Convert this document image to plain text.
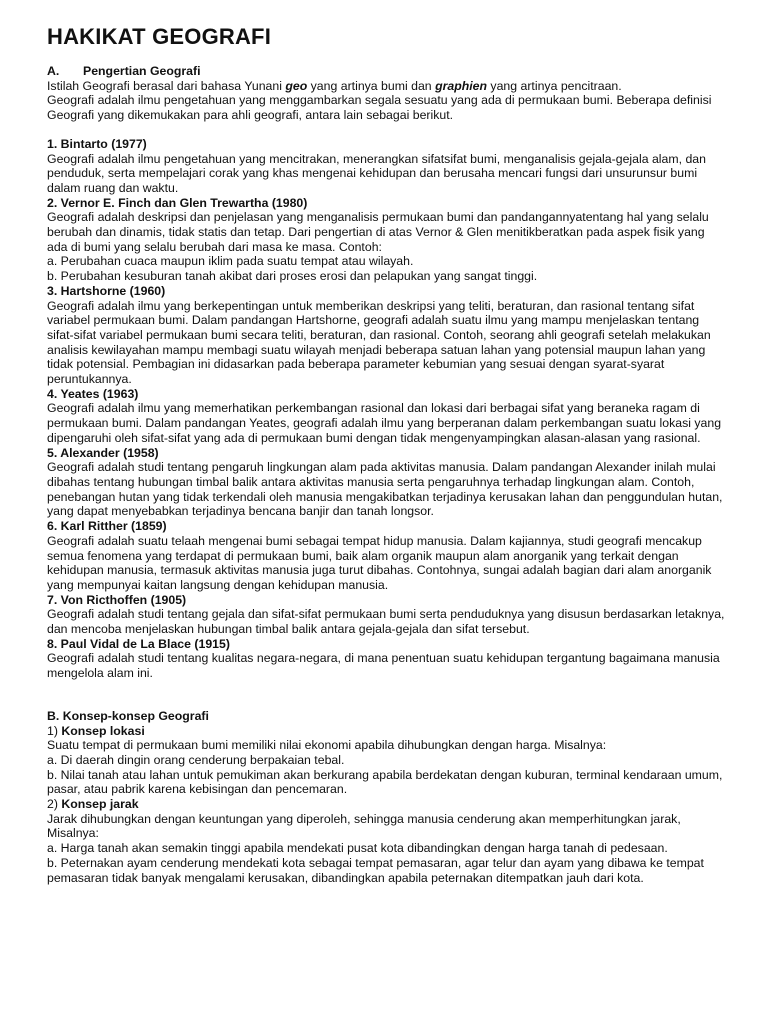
HAKIKAT GEOGRAFI
A.	Pengertian Geografi

Istilah Geografi berasal dari bahasa Yunani geo yang artinya bumi dan graphien yang artinya pencitraan.

Geografi adalah ilmu pengetahuan yang menggambarkan segala sesuatu yang ada di permukaan bumi. Beberapa definisi Geografi yang dikemukakan para ahli geografi, antara lain sebagai berikut.

1. Bintarto (1977)

Geografi adalah ilmu pengetahuan yang mencitrakan, menerangkan sifatsifat bumi, menganalisis gejala-gejala alam, dan penduduk, serta mempelajari corak yang khas mengenai kehidupan dan berusaha mencari fungsi dari unsurunsur bumi dalam ruang dan waktu.

2. Vernor E. Finch dan Glen Trewartha (1980)

Geografi adalah deskripsi dan penjelasan yang menganalisis permukaan bumi dan pandangannyatentang hal yang selalu berubah dan dinamis, tidak statis dan tetap. Dari pengertian di atas Vernor & Glen menitikberatkan pada aspek fisik yang ada di bumi yang selalu berubah dari masa ke masa. Contoh:

a. Perubahan cuaca maupun iklim pada suatu tempat atau wilayah.

b. Perubahan kesuburan tanah akibat dari proses erosi dan pelapukan yang sangat tinggi.

3. Hartshorne (1960)

Geografi adalah ilmu yang berkepentingan untuk memberikan deskripsi yang teliti, beraturan, dan rasional tentang sifat variabel permukaan bumi. Dalam pandangan Hartshorne, geografi adalah suatu ilmu yang mampu menjelaskan tentang sifat-sifat variabel permukaan bumi secara teliti, beraturan, dan rasional. Contoh, seorang ahli geografi setelah melakukan analisis kewilayahan mampu membagi suatu wilayah menjadi beberapa satuan lahan yang potensial maupun lahan yang tidak potensial. Pembagian ini didasarkan pada beberapa parameter kebumian yang sesuai dengan syarat-syarat peruntukannya.

4. Yeates (1963)

Geografi adalah ilmu yang memerhatikan perkembangan rasional dan lokasi dari berbagai sifat yang beraneka ragam di permukaan bumi. Dalam pandangan Yeates, geografi adalah ilmu yang berperanan dalam perkembangan suatu lokasi yang dipengaruhi oleh sifat-sifat yang ada di permukaan bumi dengan tidak mengenyampingkan alasan-alasan yang rasional.

5. Alexander (1958)

Geografi adalah studi tentang pengaruh lingkungan alam pada aktivitas manusia. Dalam pandangan Alexander inilah mulai dibahas tentang hubungan timbal balik antara aktivitas manusia serta pengaruhnya terhadap lingkungan alam. Contoh, penebangan hutan yang tidak terkendali oleh manusia mengakibatkan terjadinya kerusakan lahan dan penggundulan hutan, yang dapat menyebabkan terjadinya bencana banjir dan tanah longsor.

6. Karl Ritther (1859)

Geografi adalah suatu telaah mengenai bumi sebagai tempat hidup manusia. Dalam kajiannya, studi geografi mencakup semua fenomena yang terdapat di permukaan bumi, baik alam organik maupun alam anorganik yang terkait dengan kehidupan manusia, termasuk aktivitas manusia juga turut dibahas. Contohnya, sungai adalah bagian dari alam anorganik yang mempunyai kaitan langsung dengan kehidupan manusia.

7. Von Ricthoffen (1905)

Geografi adalah studi tentang gejala dan sifat-sifat permukaan bumi serta penduduknya yang disusun berdasarkan letaknya, dan mencoba menjelaskan hubungan timbal balik antara gejala-gejala dan sifat tersebut.

8. Paul Vidal de La Blace (1915)

Geografi adalah studi tentang kualitas negara-negara, di mana penentuan suatu kehidupan tergantung bagaimana manusia mengelola alam ini.

B. Konsep-konsep Geografi

1) Konsep lokasi

Suatu tempat di permukaan bumi memiliki nilai ekonomi apabila dihubungkan dengan harga. Misalnya:

a. Di daerah dingin orang cenderung berpakaian tebal.

b. Nilai tanah atau lahan untuk pemukiman akan berkurang apabila berdekatan dengan kuburan, terminal kendaraan umum, pasar, atau pabrik karena kebisingan dan pencemaran.

2) Konsep jarak

Jarak dihubungkan dengan keuntungan yang diperoleh, sehingga manusia cenderung akan memperhitungkan jarak, Misalnya:

a. Harga tanah akan semakin tinggi apabila mendekati pusat kota dibandingkan dengan harga tanah di pedesaan.

b. Peternakan ayam cenderung mendekati kota sebagai tempat pemasaran, agar telur dan ayam yang dibawa ke tempat pemasaran tidak banyak mengalami kerusakan, dibandingkan apabila peternakan ditempatkan jauh dari kota.
